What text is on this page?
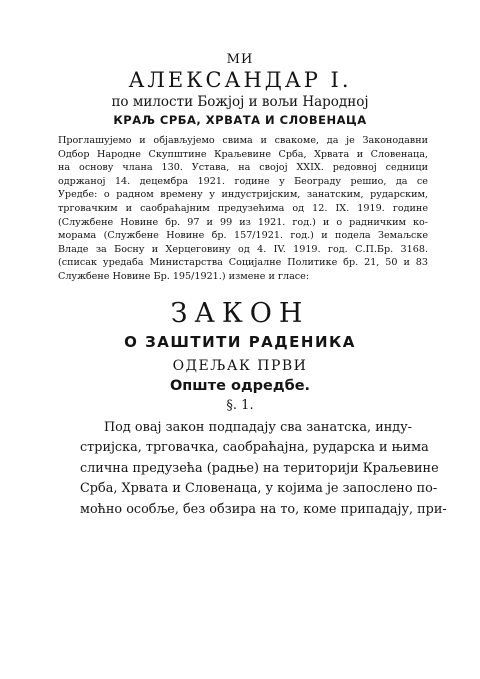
МИ
АЛЕКСАНДАР I.
по милости Божјој и вољи Народној
КРАЉ СРБА, ХРВАТА И СЛОВЕНАЦА
Проглашујемо и објављујемо свима и свакоме, да је Законодавни
Одбор Народне Скупштине Краљевине Срба, Хрвата и Словенаца,
на основу члана 130. Устава, на својој XXIX. редовној седници
одржаној 14. децембра 1921. године у Београду решио, да се
Уредбе: о радном времену у индустријским, занатским, рударским,
трговачким и саобраћајним предузећима од 12. IX. 1919. године
(Службене Новине бр. 97 и 99 из 1921. год.) и о радничким ко-
морама (Службене Новине бр. 157/1921. год.) и подела Земаљске
Владе за Босну и Херцеговину од 4. IV. 1919. год. С.П.Бр. 3168.
(списак уредаба Министарства Социјалне Политике бр. 21, 50 и 83
Службене Новине Бр. 195/1921.) измене и гласе:
ЗАКОН
О ЗАШТИТИ РАДЕНИКА
ОДЕЉАК ПРВИ
Опште одредбе.
§. 1.
Под овај закон подпадају сва занатска, инду-
стријска, трговачка, саобраћајна, рударска и њима
слична предузећа (радње) на територији Краљевине
Срба, Хрвата и Словенаца, у којима је запослено по-
моћно особље, без обзира на то, коме припадају, при-
